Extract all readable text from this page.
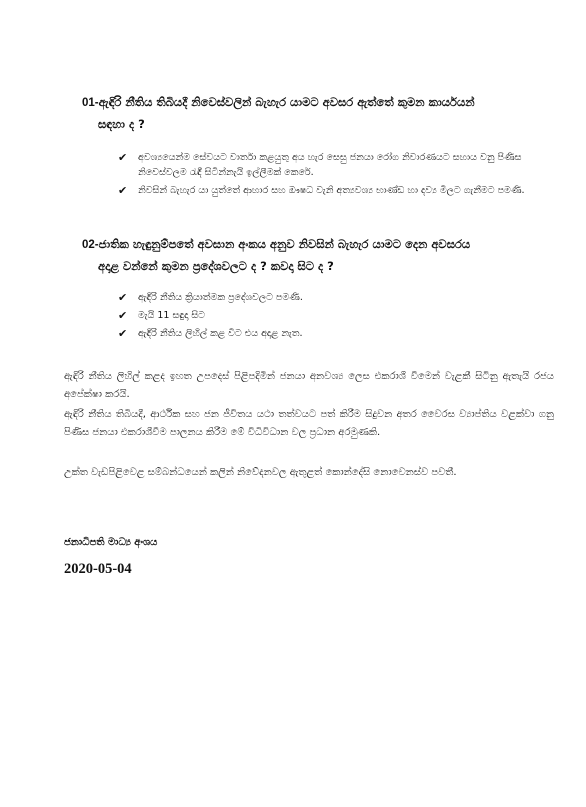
01-ඇඳිරි නීතිය තිබියදී නිවෙස්වලින් බැහැර යාමට අවසර ඇත්තේ කුමන කාර්යයන්
සඳහා ද ?
✔ අවශ්‍යයෙන්ම සේවයට වාර්තා කළයුතු අය හැර සෙසු ජනයා රෝග නිවාරණයට සහාය වනු පිණිස නිවෙස්වලම රැඳී සිටින්නැයි ඉල්ලීමක් කෙරේ.
✔ නිවසින් බැහැර යා යුත්තේ ආහාර සහ ඖෂධ වැනි අත්‍යවශ්‍ය භාණ්ඩ හා දව්‍ය මිලට ගැනීමට පමණි.
02-ජාතික හැඳුනුම්පතේ අවසාන අංකය අනුව නිවසින් බැහැර යාමට දෙන අවසරය
අදාළ වන්නේ කුමන ප්‍රදේශවලට ද ? කවදා සිට ද ?
✔ ඇඳිරි නීතිය ක්‍රියාත්මක ප්‍රදේශවලට පමණි.
✔ මැයි 11 සඳුදා සිට
✔ ඇඳිරි නීතිය ලිහිල් කළ විට එය අදාළ නැත.
ඇඳිරි නීතිය ලිහිල් කළද ඉහත උපදෙස් පිළිපදිමින් ජනයා අනවශ්‍ය ලෙස එකරාශී වීමෙන් වැළකී සිටිනු ඇතැයි රජය අපේක්ෂා කරයි.
ඇඳිරි නීතිය තිබියදී, ආර්ථික සහ ජන ජීවිතය යථා තත්වයට පත් කිරීම සිදුවන අතර වෛරස ව්‍යාප්තිය වළක්වා ගනු පිණිස ජනයා එකරාශීවීම පාලනය කිරීම මේ විධිවිධාන වල ප්‍රධාන අරමුණකි.
උක්ත වැඩපිළිවෙළ සම්බන්ධයෙන් කලින් නිවේදනවල ඇතුළත් කොන්දේසි නොවෙනස්ව පවතී.
ජනාධිපති මාධ්‍ය අංශය
2020-05-04
